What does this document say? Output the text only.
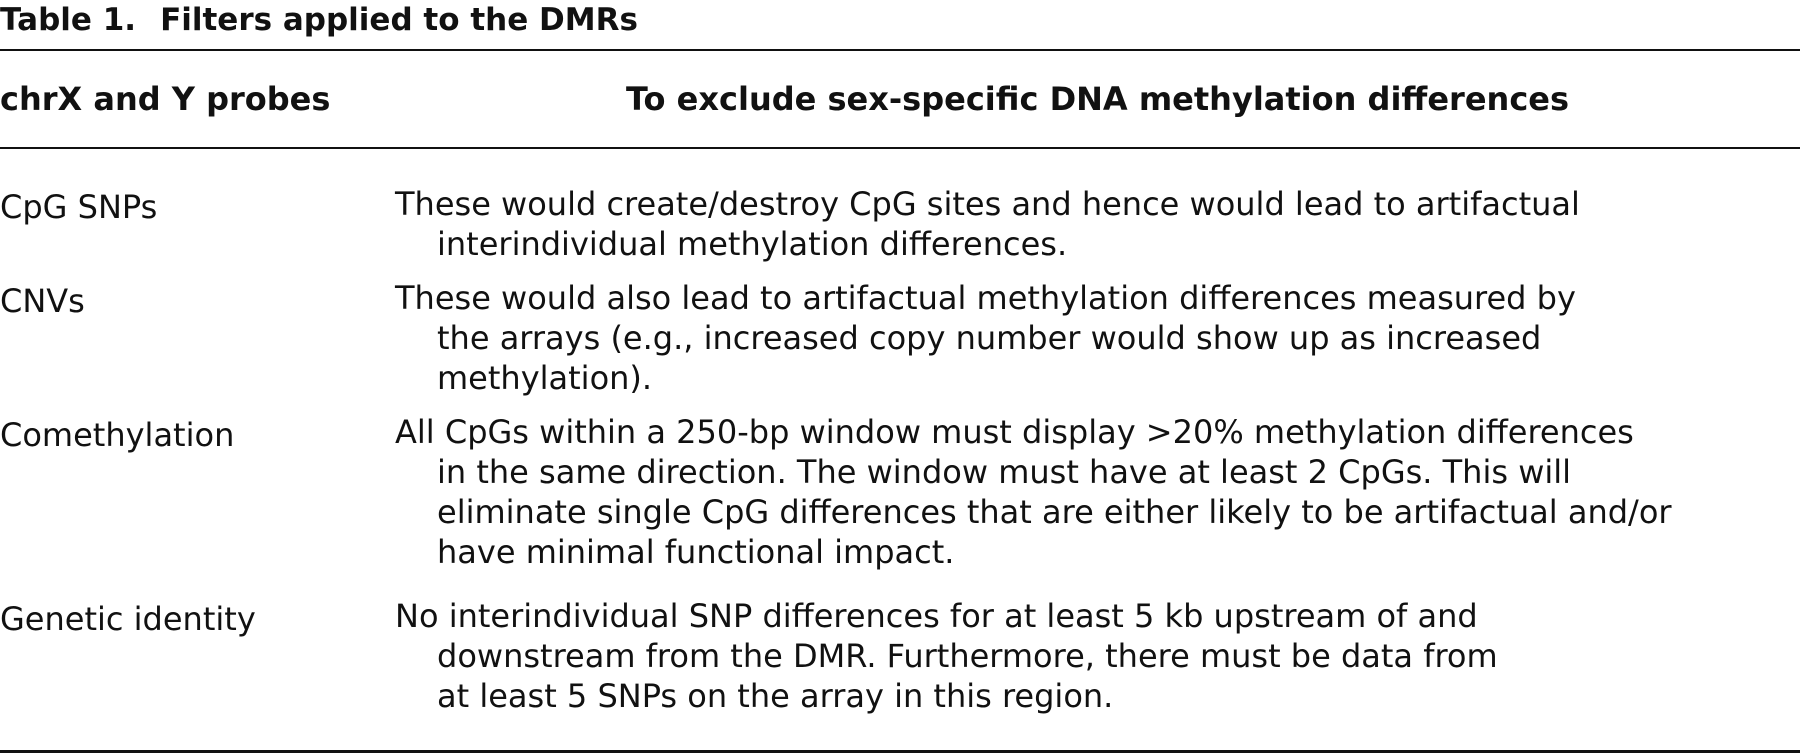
Table 1. Filters applied to the DMRs
chrX and Y probes	To exclude sex-specific DNA methylation differences
CpG SNPs	These would create/destroy CpG sites and hence would lead to artifactual
interindividual methylation differences.
CNVs	These would also lead to artifactual methylation differences measured by
the arrays (e.g., increased copy number would show up as increased
methylation).
Comethylation	All CpGs within a 250-bp window must display >20% methylation differences
in the same direction. The window must have at least 2 CpGs. This will
eliminate single CpG differences that are either likely to be artifactual and/or
have minimal functional impact.
Genetic identity	No interindividual SNP differences for at least 5 kb upstream of and
downstream from the DMR. Furthermore, there must be data from
at least 5 SNPs on the array in this region.
